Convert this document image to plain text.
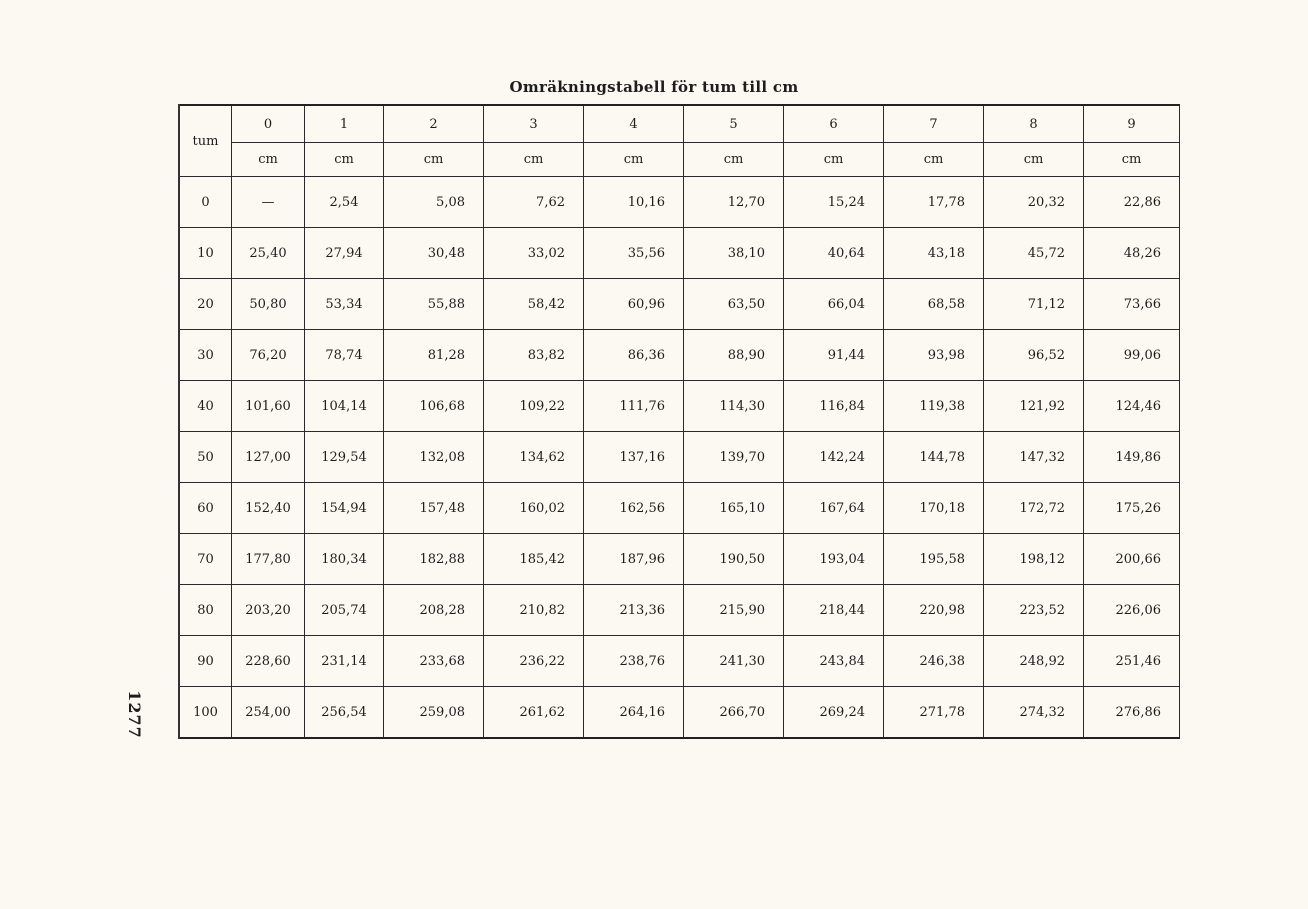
Omräkningstabell för tum till cm
1277
tum	0	1	2	3	4	5	6	7	8	9
	cm	cm	cm	cm	cm	cm	cm	cm	cm	cm
0	—	2,54	5,08	7,62	10,16	12,70	15,24	17,78	20,32	22,86
10	25,40	27,94	30,48	33,02	35,56	38,10	40,64	43,18	45,72	48,26
20	50,80	53,34	55,88	58,42	60,96	63,50	66,04	68,58	71,12	73,66
30	76,20	78,74	81,28	83,82	86,36	88,90	91,44	93,98	96,52	99,06
40	101,60	104,14	106,68	109,22	111,76	114,30	116,84	119,38	121,92	124,46
50	127,00	129,54	132,08	134,62	137,16	139,70	142,24	144,78	147,32	149,86
60	152,40	154,94	157,48	160,02	162,56	165,10	167,64	170,18	172,72	175,26
70	177,80	180,34	182,88	185,42	187,96	190,50	193,04	195,58	198,12	200,66
80	203,20	205,74	208,28	210,82	213,36	215,90	218,44	220,98	223,52	226,06
90	228,60	231,14	233,68	236,22	238,76	241,30	243,84	246,38	248,92	251,46
100	254,00	256,54	259,08	261,62	264,16	266,70	269,24	271,78	274,32	276,86
